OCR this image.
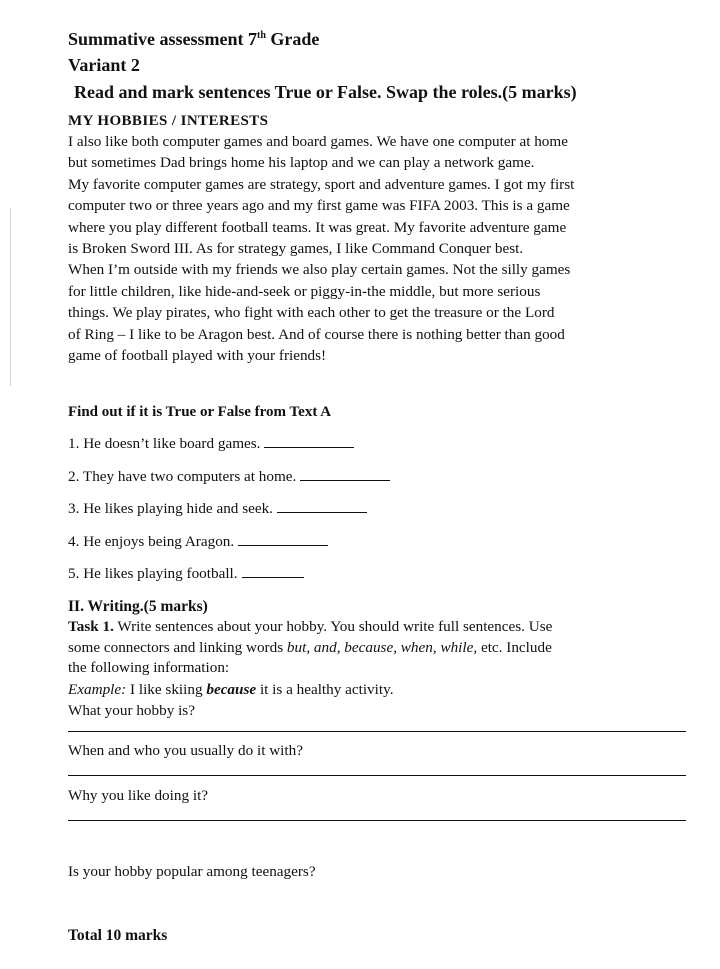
Summative assessment 7th Grade
Variant 2
Read and mark sentences True or False. Swap the roles.(5 marks)
MY HOBBIES / INTERESTS

I also like both computer games and board games. We have one computer at home

but sometimes Dad brings home his laptop and we can play a network game.

My favorite computer games are strategy, sport and adventure games. I got my first

computer two or three years ago and my first game was FIFA 2003. This is a game

where you play different football teams. It was great. My favorite adventure game

is Broken Sword III. As for strategy games, I like Command Conquer best.

When I’m outside with my friends we also play certain games. Not the silly games

for little children, like hide-and-seek or piggy-in-the middle, but more serious

things. We play pirates, who fight with each other to get the treasure or the Lord

of Ring – I like to be Aragon best. And of course there is nothing better than good

game of football played with your friends!

Find out if it is True or False from Text A
1. He doesn’t like board games.
2. They have two computers at home.
3. He likes playing hide and seek.
4. He enjoys being Aragon.
5. He likes playing football.
II. Writing.(5 marks)
Task 1. Write sentences about your hobby. You should write full sentences. Use
some connectors and linking words but, and, because, when, while, etc. Include
the following information:
Example: I like skiing because it is a healthy activity.
What your hobby is?
When and who you usually do it with?
Why you like doing it?
Is your hobby popular among teenagers?
Total 10 marks
